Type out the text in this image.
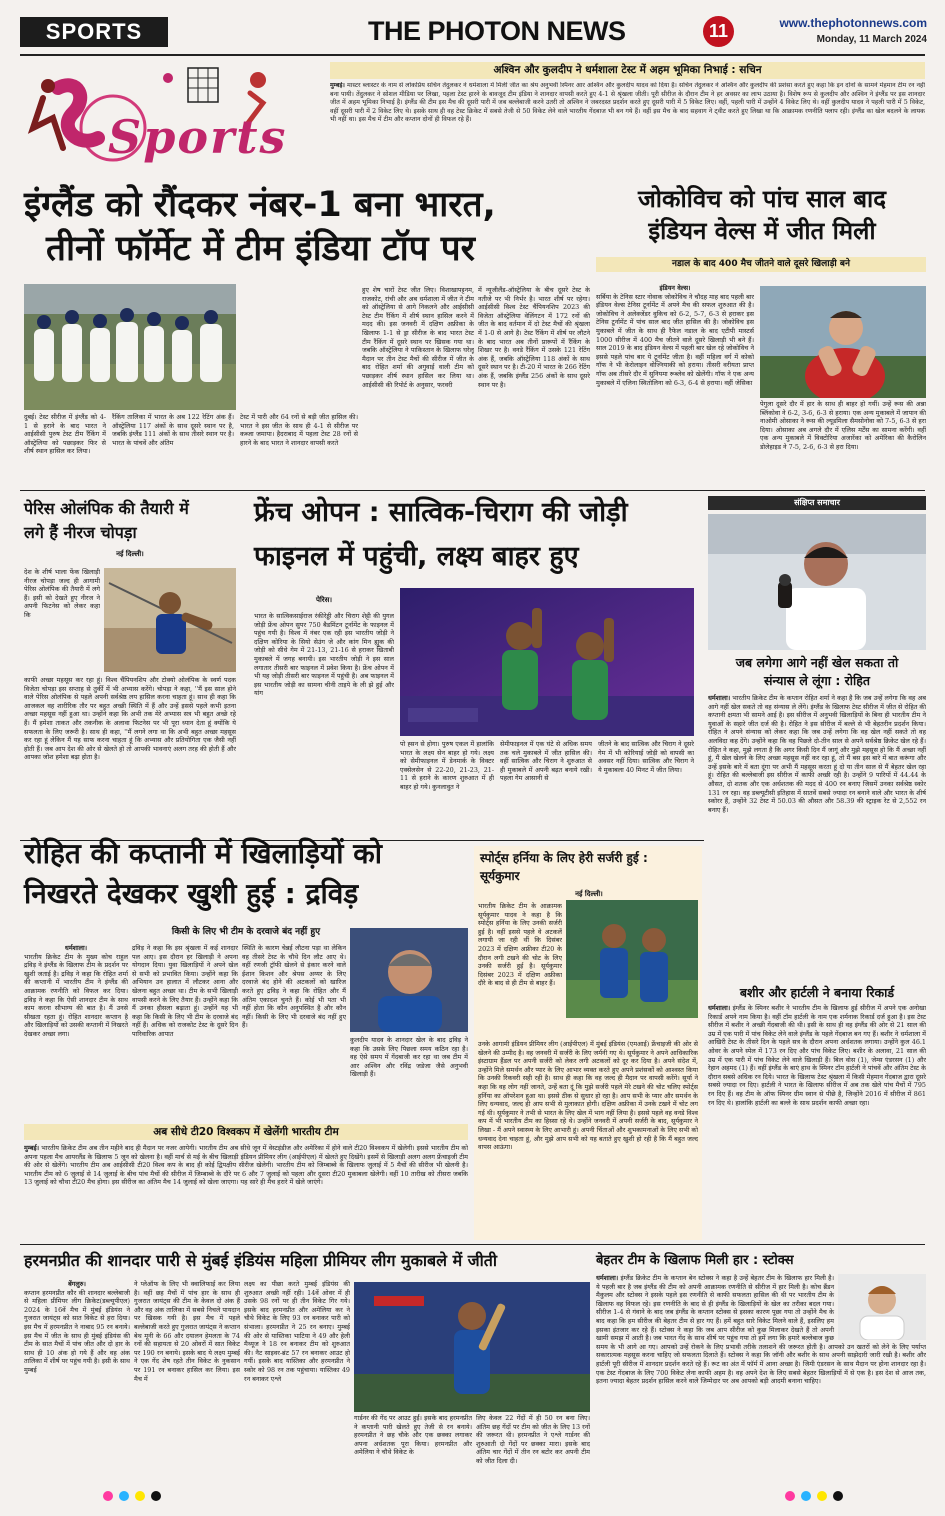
SPORTS	THE PHOTON NEWS	11	www.thephotonnews.com
Monday, 11 March 2024
Sports
अश्विन और कुलदीप ने धर्मशाला टेस्ट में अहम भूमिका निभाई : सचिन
मुम्बई। मास्टर ब्लास्टर के नाम से लोकप्रिय सचिन तेंदुलकर ने धर्मशाला में मिली जीत का श्रेय अनुभवी स्पिनर आर अश्विन और कुलदीप यादव को दिया है। सचिन तेंदुलकर ने अश्विन और कुलदीप की प्रशंसा करते हुए कहा कि इन दोनों के सामने मेहमान टीम रन नहीं बना पायी। तेंदुलकर ने सोशल मीडिया पर लिखा, पहला टेस्ट हारने के बावजूद टीम इंडिया ने शानदार वापसी करते हुए 4-1 से श्रृंखला जीती। पूरी सीरीज के दौरान टीम ने हर अवसर का लाभ उठाया है। विशेष रूप से कुलदीप और अश्विन ने इंग्लैंड पर इस शानदार जीत में अहम भूमिका निभाई है। इंग्लैंड की टीम इस मैच की दूसरी पारी में जब बल्लेबाजी करने उतरी तो अश्विन ने जबरदस्त प्रदर्शन करते हुए दूसरी पारी में 5 विकेट लिए। वहीं, पहली पारी में उन्होंने 4 विकेट लिए थे। वहीं कुलदीप यादव ने पहली पारी में 5 विकेट, वहीं दूसरी पारी में 2 विकेट लिए थे। इसके साथ ही वह टेस्ट क्रिकेट में सबसे तेजी से 50 विकेट लेने वाले भारतीय गेंदबाज भी बन गये हैं। वहीं इस मैच के बाद सहवाग ने ट्वीट करते हुए लिखा था कि आक्रामक रणनीति फ्लाप रही। इंग्लैंड का खेल बदलने के लायक भी नहीं था। इस मैच में टीम और कप्तान दोनों ही विफल रहे हैं।
इंग्लैंड को रौंदकर नंबर-1 बना भारत,
तीनों फॉर्मेट में टीम इंडिया टॉप पर
दुबई। टेस्ट सीरीज में इंग्लैंड को 4-1 से हराने के बाद भारत ने आईसीसी पुरुष टेस्ट टीम रैंकिंग में ऑस्ट्रेलिया को पछाड़कर फिर से शीर्ष स्थान हासिल कर लिया।
रैंकिंग तालिका में भारत के अब 122 रेटिंग अंक हैं। ऑस्ट्रेलिया 117 अंकों के साथ दूसरे स्थान पर है, जबकि इंग्लैंड 111 अंकों के साथ तीसरे स्थान पर है। भारत के पांचवें और अंतिम
टेस्ट में पारी और 64 रनों से बड़ी जीत हासिल की। भारत ने इस जीत के साथ ही 4-1 से सीरीज पर कब्जा जमाया। हैदराबाद में पहला टेस्ट 28 रनों से हारने के बाद भारत ने शानदार वापसी करते
हुए शेष चारों टेस्ट जीत लिए। विशाखापट्टनम, राजकोट, रांची और अब धर्मशाला में जीत ने टीम को ऑस्ट्रेलिया से आगे निकलने और आईसीसी टेस्ट टीम रैंकिंग में शीर्ष स्थान हासिल करने में मदद की। इस जनवरी में दक्षिण अफ्रीका के खिलाफ 1-1 से ड्रा सीरीज के बाद भारत टेस्ट टीम रैंकिंग में दूसरे स्थान पर खिसक गया था। जबकि ऑस्ट्रेलिया ने पाकिस्तान के खिलाफ घरेलू मैदान पर तीन टेस्ट मैचों की सीरीज में जीत के बाद रोहित शर्मा की अगुवाई वाली टीम को पछाड़कर शीर्ष स्थान हासिल कर लिया था। आईसीसी की रिपोर्ट के अनुसार, फरवरी
में न्यूजीलैंड-ऑस्ट्रेलिया के बीच दूसरे टेस्ट के नतीजे पर भी निर्भर है। भारत शीर्ष पर रहेगा। आईसीसी विश्व टेस्ट चैंपियनशिप 2023 की विजेता ऑस्ट्रेलिया वेलिंगटन में 172 रनों की जीत के बाद वर्तमान में दो टेस्ट मैचों की श्रृंखला में 1-0 से आगे है। टेस्ट रैंकिंग में शीर्ष पर लौटने के बाद भारत अब तीनों प्रारूपों में रैंकिंग के शिखर पर है। वनडे रैंकिंग में उसके 121 रेटिंग अंक हैं, जबकि ऑस्ट्रेलिया 118 अंकों के साथ दूसरे स्थान पर है। टी-20 में भारत के 266 रेटिंग अंक हैं, जबकि इंग्लैंड 256 अंकों के साथ दूसरे स्थान पर है।
जोकोविच को पांच साल बाद
इंडियन वेल्स में जीत मिली
नडाल के बाद 400 मैच जीतने वाले दूसरे खिलाड़ी बने
इंडियन वेल्स।
सर्बिया के टेनिस स्टार नोवाक जोकोविच ने चौदह माह बाद पहली बार इंडियन वेल्स टेनिस टूर्नामेंट में अपने मैच की सफल शुरुआत की है। जोकोविच ने अलेक्जेंडर वुकिच को 6-2, 5-7, 6-3 से हराकर इस टेनिस टूर्नामेंट में पांच साल बाद जीत हासिल की है। जोकोविच इस मुकाबले में जीत के साथ ही रैफेल नडाल के बाद एटीपी मास्टर्स 1000 सीरीज में 400 मैच जीतने वाले दूसरे खिलाड़ी भी बने हैं। साल 2019 के बाद इंडियन वेल्स में पहली बार खेल रहे जोकोविच ने इससे पहले पांच बार ये टूर्नामेंट जीता है। वहीं महिला वर्ग में कोको गॉफ ने भी केरोलाइन वोज्नियाकी को हराया। तीसरी वरीयता प्राप्त गॉफ अब तीसरे दौर में सुनियमा रूब्लेव को खेलेंगी। गॉफ ने एक अन्य मुकाबले में एलिना स्वितोलिना को 6-3, 6-4 से हराया। वहीं जेसिका
पेगुला दूसरे दौर में हार के साथ ही बाहर हो गयीं। उन्हें रूस की अन्ना ब्लिंकोवा ने 6-2, 3-6, 6-3 से हराया। एक अन्य मुकाबले में जापान की नाओमी ओसाका ने रूस की ल्यूडमिला सैमसोनोवा को 7-5, 6-3 से हरा दिया। ओसाका अब अगले दौर में एलिस मर्टेंस का सामना करेंगी। वहीं एक अन्य मुकाबले में विक्टोरिया अजारेंका को अमेरिका की कैरोलिन डोलेहाइड ने 7-5, 2-6, 6-3 से हरा दिया।
पेरिस ओलंपिक की तैयारी में
लगे हैं नीरज चोपड़ा
नई दिल्ली।
देश के शीर्ष भाला फेंक खिलाड़ी नीरज चोपड़ा जल्द ही आगामी पेरिस ओलंपिक की तैयारी में लगे हैं। इसी को देखते हुए नीरज ने अपनी फिटनेस को लेकर कहा कि
काफी अच्छा महसूस कर रहा हूं। विश्व चैंपियनशिप और टोक्यो ओलंपिक के स्वर्ण पदक विजेता चोपड़ा इस सप्ताह से तुर्की में भी अभ्यास करेंगे। चोपड़ा ने कहा, ''मैं इस साल होने वाले पेरिस ओलंपिक से पहले अपनी सर्वश्रेष्ठ लय हासिल करना चाहता हूं। साथ ही कहा कि आजकल वह शारीरिक तौर पर बहुत अच्छी स्थिति में हैं और उन्हें इससे पहले कभी इतना अच्छा महसूस नहीं हुआ था। उन्होंने कहा कि अभी तक मेरे अभ्यास सत्र भी बहुत अच्छे रहे हैं। मैं हमेशा ताकत और तकनीक के अलावा फिटनेस पर भी पूरा ध्यान देता हूं क्योंकि ये सफलता के लिए जरूरी है। साथ ही कहा, ''मैं लगने लगा था कि अभी बहुत अच्छा महसूस कर रहा हूं लेकिन मैं यह साफ करना चाहता हूं कि अभ्यास और प्रतियोगिता एक जैसी नहीं होती हैं। जब आप देश की ओर से खेलते हो तो आपकी भावनाएं अलग तरह की होती हैं और आपका जोश हमेशा बढ़ा होता है।
फ्रेंच ओपन : सात्विक-चिराग की जोड़ी
फाइनल में पहुंची, लक्ष्य बाहर हुए
पेरिस।
भारत के सात्विकसाईराज रंकीरेड्डी और चिराग शेट्टी की युगल जोड़ी फ्रेंच ओपन सुपर 750 बैडमिंटन टूर्नामेंट के फाइनल में पहुंच गयी है। विश्व में नंबर एक रही इस भारतीय जोड़ी ने दक्षिण कोरिया के सियो सेउंग जे और कांग मिन ह्युक की जोड़ी को सीधे गेम में 21-13, 21-16 से हराकर खिताबी मुकाबले में जगह बनायी। इस भारतीय जोड़ी ने इस साल लगातार तीसरी बार फाइनल में प्रवेश किया है। फ्रेंच ओपन में भी यह जोड़ी तीसरी बार फाइनल में पहुंची है। अब फाइनल में इस भारतीय जोड़ी का सामना चीनी ताइपे के ली झे हुई और यांग
पो ह्सन से होगा। पुरुष एकल में हालांकि भारत के लक्ष्य सेन बाहर हो गये। लक्ष्य को सेमीफाइनल में डेनमार्क के विक्टर एक्सेलसेन से 22-20, 21-23, 21-11 से हराने के कारण शुरुआत में ही बाहर हो गये। कुनलावुत ने
सेमीफाइनल में एक घंटे से अधिक समय तक चले मुकाबले में जीत हासिल की। वहीं सात्विक और चिराग ने शुरुआत से ही मुकाबले में अपनी बढ़त बनाये रखी। पहला गेम आसानी से
जीतने के बाद सात्विक और चिराग ने दूसरे गेम में भी कोरियाई जोड़ी को वापसी का अवसर नहीं दिया। सात्विक और चिराग ने ये मुकाबला 40 मिनट में जीत लिया।
संक्षिप्त समाचार
जब लगेगा आगे नहीं खेल सकता तो
संन्यास ले लूंगा : रोहित
धर्मशाला। भारतीय क्रिकेट टीम के कप्तान रोहित शर्मा ने कहा है कि जब उन्हें लगेगा कि वह अब आगे नहीं खेल सकते तो वह संन्यास ले लेंगे। इंग्लैंड के खिलाफ टेस्ट सीरीज में जीत से रोहित की कप्तानी क्षमता भी सामने आई है। इस सीरीज में अनुभवी खिलाड़ियों के बिना ही भारतीय टीम ने युवाओं के सहारे जीत दर्ज की है। रोहित ने इस सीरीज में बल्ले से भी बेहतरीन प्रदर्शन किया। रोहित ने अपने संन्यास को लेकर कहा कि जब उन्हें लगेगा कि वह खेल नहीं सकते तो वह अलविदा कह देंगे। उन्होंने कहा कि वह पिछले दो-तीन साल से अपने सर्वश्रेष्ठ क्रिकेट खेल रहे हैं। रोहित ने कहा, मुझे लगता है कि अगर किसी दिन मैं जागूं और मुझे महसूस हो कि मैं अच्छा नहीं हूं, मैं खेल खेलने के लिए अच्छा महसूस नहीं कर रहा हूं, तो मैं बस इस बारे में बात करूंगा और उन्हें इसके बारे में बता दूंगा पर अभी मैं महसूस करता हूं दो या तीन साल से मैं बेहतर खेल रहा हूं। रोहित की बल्लेबाजी इस सीरीज में काफी अच्छी रही है। उन्होंने 9 पारियों में 44.44 के औसत, दो शतक और एक अर्धशतक की मदद से 400 रन बनाए जिसमें उनका सर्वश्रेष्ठ स्कोर 131 रन रहा। वह डब्ल्यूटीसी इतिहास में सातवें सबसे ज्यादा रन बनाने वाले और भारत के शीर्ष स्कोरर हैं, उन्होंने 32 टेस्ट में 50.03 की औसत और 58.39 की स्ट्राइक रेट से 2,552 रन बनाए हैं।
बशीर और हार्टली ने बनाया रिकार्ड
धर्मशाला। इंग्लैंड के स्पिनर बशीर ने भारतीय टीम के खिलाफ हुई सीरीज में अपने एक अनोखा रिकार्ड अपने नाम किया है। वहीं टॉम हार्टली के नाम एक शर्मनाक रिकार्ड दर्ज हुआ है। इस टेस्ट सीरीज में बशीर ने अच्छी गेंदबाजी की थी। इसी के साथ ही वह इंग्लैंड की ओर से 21 साल की उम्र में एक पारी में पांच विकेट लेने वाले इंग्लैंड के पहले गेंदबाज बन गए हैं। बशीर ने धर्मशाला में आखिरी टेस्ट के तीसरे दिन के पहले सत्र के दौरान अपना अर्धशतक लगाया। उन्होंने कुल 46.1 ओवर के अपने स्पेल में 173 रन दिए और पांच विकेट लिए। बशीर के अलावा, 21 साल की उम्र में एक पारी में पांच विकेट लेने वाले खिलाड़ी हैं। बिल वोस (1), जेम्स एंडरसन (1) और रेहान अहमद (1) हैं। वहीं इंग्लैंड के बाएं हाथ के स्पिनर टॉम हार्टली ने पांचवें और अंतिम टेस्ट के दौरान सबसे अधिक रन दिये। भारत के खिलाफ टेस्ट श्रृंखला में किसी मेहमान गेंदबाज द्वारा दूसरे सबसे ज्यादा रन दिए। हार्टली ने भारत के खिलाफ सीरीज में अब तक खेले पांच मैचों में 795 रन दिए हैं। वह टीम के ऑफ स्पिनर ग्रीम स्वान से पीछे है, जिन्होंने 2016 में सीरीज में 861 रन दिए थे। हालांकि हार्टली का बल्ले के साथ प्रदर्शन काफी अच्छा रहा।
रोहित की कप्तानी में खिलाड़ियों को
निखरते देखकर खुशी हुई : द्रविड़
किसी के लिए भी टीम के दरवाजे बंद नहीं हुए
धर्मशाला।
भारतीय क्रिकेट टीम के मुख्य कोच राहुल द्रविड़ ने इंग्लैंड के खिलाफ टीम के प्रदर्शन पर खुशी जताई है। द्रविड़ ने कहा कि रोहित शर्मा की कप्तानी में भारतीय टीम ने इंग्लैंड की आक्रामक रणनीति को विफल कर दिया। द्रविड़ ने कहा कि ऐसी शानदार टीम के साथ काम करना सौभाग्य की बात है। मैं उनसे सीखता रहता हूं। रोहित शानदार कप्तान है और खिलाड़ियों को उसकी कप्तानी में निखरते देखकर अच्छा लगा।
द्रविड़ ने कहा कि इस श्रृंखला में कई शानदार पल आए। इस दौरान हर खिलाड़ी ने अपना योगदान दिया। युवा खिलाड़ियों ने अपने खेल से सभी को प्रभावित किया। उन्होंने कहा कि अभियान उन हालात में लौटकर आना और खेलना बहुत अच्छा था। टीम के सभी खिलाड़ी वापसी करने के लिए तैयार हैं। उन्होंने कहा कि मैं उनका हौसला बढ़ाता हूं। उन्होंने यह भी कहा कि किसी के लिए भी टीम के दरवाजे बंद नहीं हैं। अधिक को राजकोट टेस्ट के दूसरे दिन पारिवारिक आपात
स्थिति के कारण चेन्नई लौटना पड़ा था लेकिन वह तीसरे टेस्ट के चौथे दिन लौट आए थे। वहीं रणजी ट्रॉफी खेलने से इंकार करने वाले ईशान किशन और श्रेयस अय्यर के लिए दरवाजे बंद होने की अटकलों को खारिज करते हुए द्रविड़ ने कहा कि रोहित और मैं अंतिम एकादश चुनते हैं। कोई भी पता भी नहीं होता कि कौन अनुपस्थित है और कौन नहीं। किसी के लिए भी दरवाजे बंद नहीं हुए हैं।
कुलदीप यादव के शानदार खेल के बाद द्रविड़ ने कहा कि उसके लिए पिछला समय कठिन रहा है। वह ऐसे समय में गेंदबाजी कर रहा था जब टीम में आर अश्विन और रविंद्र जडेजा जैसे अनुभवी खिलाड़ी हैं।
स्पोर्ट्स हर्निया के लिए हेरी सर्जरी हुई :
सूर्यकुमार
नई दिल्ली।
भारतीय क्रिकेट टीम के आक्रामक सूर्यकुमार यादव ने कहा है कि स्पोर्ट्स हर्निया के लिए उनकी सर्जरी हुई है। वहीं इससे पहले वे अटकलें लगायी जा रही थीं कि दिसंबर 2023 में दक्षिण अफ्रीका टी20 के दौरान लगी टखने की चोट के लिए उनकी सर्जरी हुई है। सूर्यकुमार दिसंबर 2023 में दक्षिण अफ्रीका दौरे के बाद से ही टीम से बाहर हैं।
उनके आगामी इंडियन प्रीमियर लीग (आईपीएल) में मुंबई इंडियंस (एमआई) फ्रेंचाइजी की ओर से खेलने की उम्मीद है। वह जनवरी में सर्जरी के लिए जर्मनी गए थे। सूर्यकुमार ने अपने आधिकारिक इंस्टाग्राम हैंडल पर अपनी सर्जरी को लेकर लगी अटकलों को दूर कर दिया है। अपने संदेश में, उन्होंने मिले समर्थन और प्यार के लिए आभार व्यक्त करते हुए अपने प्रशंसकों को आश्वस्त किया कि उनकी रिकवरी सही रही है। साथ ही कहा कि वह जल्द ही मैदान पर वापसी करेंगे। सूर्या ने कहा कि वह लोग नहीं जानते, उन्हें बता दूं कि मुझे सर्जरी पहले मेरे टखने की चोट चलिए स्पोर्ट्स हर्निया का ऑपरेशन हुआ था। इससे ठीक से सुधार हो रहा है। आप सभी के प्यार और समर्थन के लिए धन्यवाद, जल्द ही आप सभी से मुलाकात होगी। दक्षिण अफ्रीका में उनके टखने में चोट लग गई थी। सूर्यकुमार ने तभी से भारत के लिए खेल में भाग नहीं लिया है। इससे पहले वह वनडे विश्व कप में भी भारतीय टीम का हिस्सा रहे थे। उन्होंने जनवरी में अपनी सर्जरी के बाद, सूर्यकुमार ने लिखा - मैं अपने स्वास्थ्य के लिए आभारी हूं। अपनी चिंताओं और शुभकामनाओं के लिए सभी को धन्यवाद देना चाहता हूं, और मुझे आप सभी को यह बताते हुए खुशी हो रही है कि मैं बहुत जल्द वापस आऊंगा।
अब सीधे टी20 विश्वकप में खेलेंगी भारतीय टीम
मुम्बई। भारतीय क्रिकेट टीम अब तीन महीने बाद ही मैदान पर नजर आयेगी। भारतीय टीम अब सीधे जून में वेस्टइंडीज और अमेरिका में होने वाले टी20 विश्वकप में खेलेगी। इससे भारतीय टीम को अपना पहला मैच आयरलैंड के खिलाफ 5 जून को खेलना है। वहीं मार्च से मई के बीच खिलाड़ी इंडियन प्रीमियर लीग (आईपीएल) में खेलते हुए दिखेंगे। इसमें से खिलाड़ी अलग अलग फ्रेंचाइजी टीम की ओर से खेलेंगे। भारतीय टीम अब आईसीसी टी20 विश्व कप के बाद ही कोई द्विपक्षीय सीरीज खेलेगी। भारतीय टीम को जिम्बाब्वे के खिलाफ जुलाई में 5 मैचों की सीरीज भी खेलनी है। भारतीय टीम को 6 जुलाई से 14 जुलाई के बीच पांच मैचों की सीरीज में जिम्बाब्वे के दौरे पर 6 और 7 जुलाई को पहला और दूसरा टी20 मुकाबला खेलेगी। वहीं 10 तारीख को तीसरा जबकि 13 जुलाई को चौथा टी20 मैच होगा। इस सीरीज का अंतिम मैच 14 जुलाई को खेला जाएगा। यह सारे ही मैच हरारे में खेले जाएंगे।
हरमनप्रीत की शानदार पारी से मुंबई इंडियंस महिला प्रीमियर लीग मुकाबले में जीती
बेंगलुरु।
कप्तान हरमनप्रीत कौर की शानदार बल्लेबाजी से महिला प्रीमियर लीग क्रिकेट(डब्ल्यूपीएल) 2024 के 16वें मैच में मुंबई इंडियंस ने गुजरात जायंट्स को सात विकेट से हरा दिया। इस मैच में हरमनप्रीत ने नाबाद 95 रन बनाये। इस मैच में जीत के साथ ही मुंबई इंडियंस की टीम के सात मैचों में पांच जीत और दो हार के साथ ही 10 अंक हो गये हैं और वह अंक तालिका में शीर्ष पर पहुंच गयी है। इसी के साथ मुम्बई
ने प्लेऑफ के लिए भी क्वालिफाई कर लिया है। वहीं छह मैचों में पांच हार के साथ ही गुजरात जायंट्स की टीम के केवल दो अंक हैं और वह अंक तालिका में सबसे निचले पायदान पर खिसक गयी है। इस मैच में पहले बल्लेबाजी करते हुए गुजरात जायंट्स ने कप्तान बेथ मूनी के 66 और दयालन हेमलता के 74 रनों की सहायता से 20 ओवरों में सात विकेट पर 190 रन बनाये। इसके बाद ये लक्ष्य मुम्बई ने एक गेंद शेष रहते तीन विकेट के नुकसान पर 191 रन बनाकर हासिल कर लिया। इस मैच में
लक्ष्य का पीछा करते मुम्बई इंडियंस की शुरुआत अच्छी नहीं रही। 14वें ओवर में ही उसके 98 रनों पर ही तीन विकेट गिर गये। इसके बाद हरमनप्रीत और अमेलिया कर ने चौथे विकेट के लिए 93 रन बनाकर पारी को संभाला। हरमनप्रीत ने 25 रन बनाए। मुम्बई की ओर से यास्तिका भाटिया ने 49 और हेली मैथ्यूज ने 18 रन बनाकर टीम को शुरुआत की। नैट साइवर-ब्रंट 57 रन बनाकर आउट हो गयीं। इसके बाद यास्तिका और हरमनप्रीत ने स्कोर को 98 रन तक पहुंचाया। यास्तिका 49 रन बनाकर एश्ले
गार्डनर की गेंद पर आउट हुईं। इसके बाद हरमनप्रीत ने कप्तानी पारी खेलते हुए तेजी से रन बनाये। हरमनप्रीत ने छह चौके और एक छक्का लगाकर अपना अर्धशतक पूरा किया। हरमनप्रीत और अमेलिया ने चौथे विकेट के
लिए केवल 22 गेंदों में ही 50 रन बना लिए। अंतिम छह गेंदों पर टीम को जीत के लिए 13 रनों की जरूरत थी। हरमनप्रीत ने एश्ले गार्डनर की शुरुआती दो गेंदों पर छक्का मारा। इसके बाद अंतिम चार गेंदों में तीन रन बटोर कर अपनी टीम को जीत दिला दी।
बेहतर टीम के खिलाफ मिली हार : स्टोक्स
धर्मशाला। इंग्लैंड क्रिकेट टीम के कप्तान बेन स्टोक्स ने कहा है उन्हें बेहतर टीम के खिलाफ हार मिली है। ये पहली बार है जब इंग्लैंड की टीम को अपनी आक्रामक रणनीति से सीरीज में हार मिली है। कोच ब्रैंडन मैकुलम और स्टोक्स ने इसके पहले इस रणनीति से काफी सफलता हासिल की थी पर भारतीय टीम के खिलाफ वह विफल रहे। इस रणनीति के बाद से ही इंग्लैंड के खिलाड़ियों के खेल का तरीका बदल गया। सीरीज 1-4 से गंवाने के बाद जब इंग्लैंड के कप्तान स्टोक्स से इसका कारण पूछा गया तो उन्होंने मैच के बाद कहा कि हम सीरीज की बेहतर टीम से हार गए हैं। हमें बहुत सारे विकेट मिलने वाले हैं, इसलिए हम इसका इंतजार कर रहे हैं। स्टोक्स ने कहा कि जब आप सीरीज को कुछ मिलाकर देखते हैं तो अपनी खामी समझ में आती है। जब भारत गेंद के साथ शीर्ष पर पहुंच गया तो हमें लगा कि हमारे बल्लेबाज कुछ समय के भी आगे आ गए। आपको उन्हें रोकने के लिए प्रभावी तरीके तलाशने की जरूरत होती है। आपको उन खतरों को लेने के लिए पर्याप्त सकारात्मक महसूस करना चाहिए जो सफलता दिलाते हैं। स्टोक्स ने कहा कि जॉनी और बशीर के साथ अपनी साझेदारी जारी रखी है। बशीर और हार्टली पूरी सीरीज में शानदार प्रदर्शन करते रहे हैं। रूट का अंत में फॉर्म में आना अच्छा है। जिमी एंडरसन के साथ मैदान पर होना शानदार रहा है। एक टेस्ट गेंदबाज के लिए 700 विकेट लेना काफी अहम है। वह अपने देश के लिए सबसे बेहतर खिलाड़ियों में से एक है। इस देश से आज तक, इतना ज्यादा बेहतर प्रदर्शन हासिल करने वाले जिम्मेदार पर अब आपको बड़ी आदमी बनाना चाहिए।
